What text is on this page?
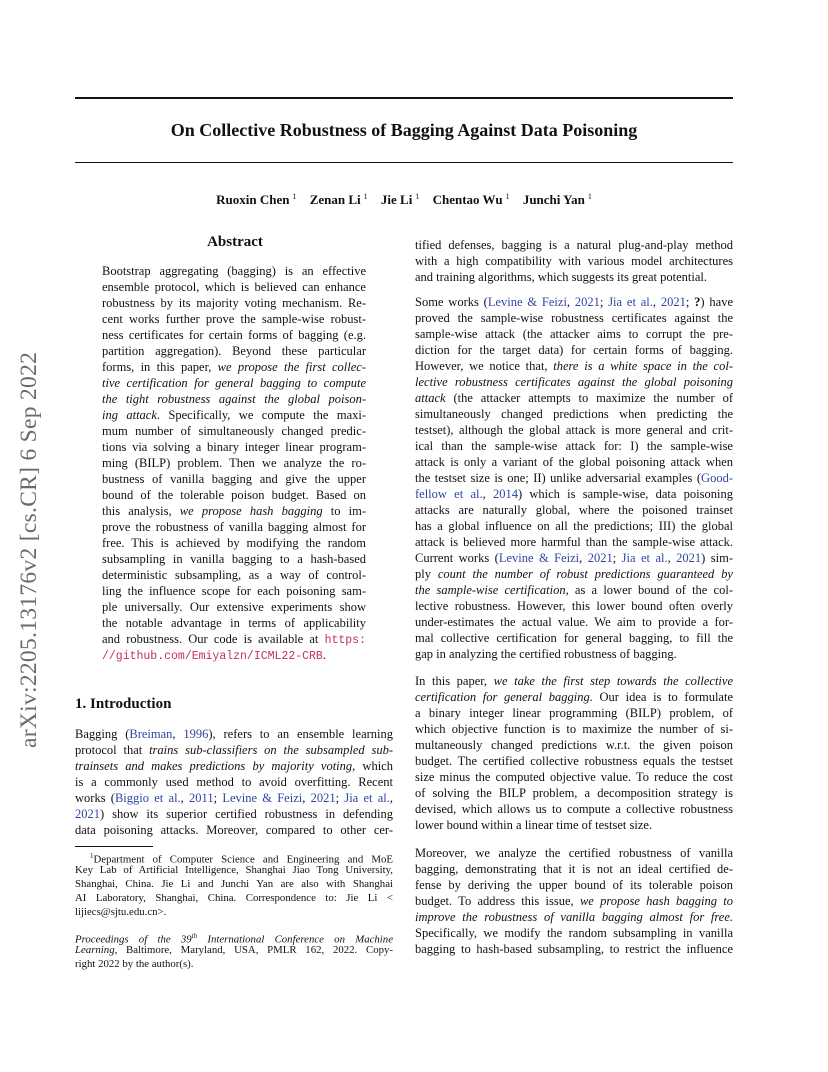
On Collective Robustness of Bagging Against Data Poisoning
Ruoxin Chen $^1$ Zenan Li $^1$ Jie Li $^1$ Chentao Wu $^1$ Junchi Yan $^1$
arXiv:2205.13176v2 [cs.CR] 6 Sep 2022
Abstract
Bootstrap aggregating (bagging) is an effective
ensemble protocol, which is believed can enhance
robustness by its majority voting mechanism. Re-
cent works further prove the sample-wise robust-
ness certificates for certain forms of bagging (e.g.
partition aggregation). Beyond these particular
forms, in this paper, we propose the first collec-
tive certification for general bagging to compute
the tight robustness against the global poison-
ing attack. Specifically, we compute the maxi-
mum number of simultaneously changed predic-
tions via solving a binary integer linear program-
ming (BILP) problem. Then we analyze the ro-
bustness of vanilla bagging and give the upper
bound of the tolerable poison budget. Based on
this analysis, we propose hash bagging to im-
prove the robustness of vanilla bagging almost for
free. This is achieved by modifying the random
subsampling in vanilla bagging to a hash-based
deterministic subsampling, as a way of control-
ling the influence scope for each poisoning sam-
ple universally. Our extensive experiments show
the notable advantage in terms of applicability
and robustness. Our code is available at https:
//github.com/Emiyalzn/ICML22-CRB.
1. Introduction
Bagging (Breiman, 1996), refers to an ensemble learning
protocol that trains sub-classifiers on the subsampled sub-
trainsets and makes predictions by majority voting, which
is a commonly used method to avoid overfitting. Recent
works (Biggio et al., 2011; Levine & Feizi, 2021; Jia et al.,
2021) show its superior certified robustness in defending
data poisoning attacks. Moreover, compared to other cer-
$^1$Department of Computer Science and Engineering and MoE
Key Lab of Artificial Intelligence, Shanghai Jiao Tong University,
Shanghai, China. Jie Li and Junchi Yan are also with Shanghai
AI Laboratory, Shanghai, China. Correspondence to: Jie Li <
lijiecs@sjtu.edu.cn>.
Proceedings of the 39th International Conference on Machine
Learning, Baltimore, Maryland, USA, PMLR 162, 2022. Copy-
right 2022 by the author(s).
tified defenses, bagging is a natural plug-and-play method
with a high compatibility with various model architectures
and training algorithms, which suggests its great potential.
Some works (Levine & Feizi, 2021; Jia et al., 2021; ?) have
proved the sample-wise robustness certificates against the
sample-wise attack (the attacker aims to corrupt the pre-
diction for the target data) for certain forms of bagging.
However, we notice that, there is a white space in the col-
lective robustness certificates against the global poisoning
attack (the attacker attempts to maximize the number of
simultaneously changed predictions when predicting the
testset), although the global attack is more general and crit-
ical than the sample-wise attack for: I) the sample-wise
attack is only a variant of the global poisoning attack when
the testset size is one; II) unlike adversarial examples (Good-
fellow et al., 2014) which is sample-wise, data poisoning
attacks are naturally global, where the poisoned trainset
has a global influence on all the predictions; III) the global
attack is believed more harmful than the sample-wise attack.
Current works (Levine & Feizi, 2021; Jia et al., 2021) sim-
ply count the number of robust predictions guaranteed by
the sample-wise certification, as a lower bound of the col-
lective robustness. However, this lower bound often overly
under-estimates the actual value. We aim to provide a for-
mal collective certification for general bagging, to fill the
gap in analyzing the certified robustness of bagging.
In this paper, we take the first step towards the collective
certification for general bagging. Our idea is to formulate
a binary integer linear programming (BILP) problem, of
which objective function is to maximize the number of si-
multaneously changed predictions w.r.t. the given poison
budget. The certified collective robustness equals the testset
size minus the computed objective value. To reduce the cost
of solving the BILP problem, a decomposition strategy is
devised, which allows us to compute a collective robustness
lower bound within a linear time of testset size.
Moreover, we analyze the certified robustness of vanilla
bagging, demonstrating that it is not an ideal certified de-
fense by deriving the upper bound of its tolerable poison
budget. To address this issue, we propose hash bagging to
improve the robustness of vanilla bagging almost for free.
Specifically, we modify the random subsampling in vanilla
bagging to hash-based subsampling, to restrict the influence
